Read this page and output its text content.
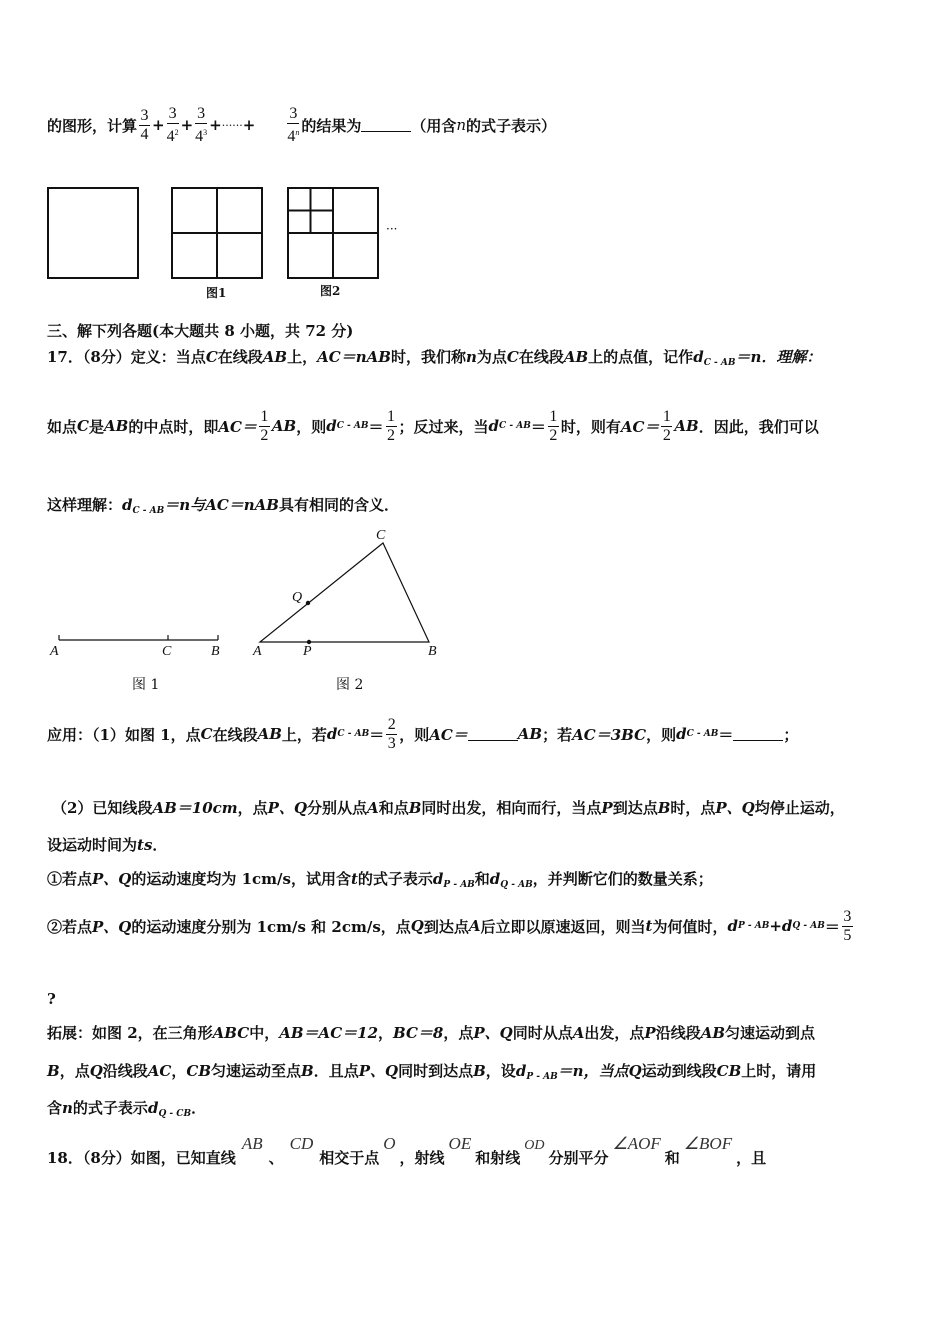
的图形，计算 $\frac{3}{4} + \frac{3}{4^2} + \frac{3}{4^3}$ + ······ + $\frac{3}{4^n}$ 的结果为	（用含 n 的式子表示）
···
图1	图2
三、解下列各题(本大题共 8 小题，共 72 分)
17．（8分）定义：当点C在线段AB上，AC＝nAB时，我们称n为点C在线段AB上的点值，记作$d_{C - AB}=n$．理解：
如点 C 是 AB 的中点时，即 $AC= \frac{1}{2}$ AB ，则 d C - AB ＝ $\frac{1}{2}$ ；反过来，当 d C - AB ＝ $\frac{1}{2}$ 时，则有 $AC= \frac{1}{2}$ AB ．因此，我们可以
这样理解：$d_{C - AB}=n$与AC＝nAB具有相同的含义．
A	C	B
图 1
C
Q
A	P	B
图 2
应用：（1）如图 1，点 C 在线段 AB 上，若 d C - AB ＝ $\frac{2}{3}$ ，则 AC＝	AB ；若 AC＝3BC ，则 d C - AB ＝	；
（2）已知线段AB＝10cm，点P、Q分别从点A和点B同时出发，相向而行，当点P到达点B时，点P、Q均停止运动，
设运动时间为ts．
①若点P、Q的运动速度均为 1cm/s，试用含t的式子表示$d_{P - AB}$和$d_{Q - AB}$，并判断它们的数量关系；
②若点 P、Q 的运动速度分别为 1cm/s 和 2cm/s，点 Q 到达点 A 后立即以原速返回，则当 t 为何值时， d P - AB +d Q - AB ＝ $\frac{3}{5}$
?
拓展：如图 2，在三角形ABC中，AB＝AC＝12，BC＝8，点P、Q同时从点A出发，点P沿线段AB匀速运动到点
B，点Q沿线段AC，CB匀速运动至点B．且点P、Q同时到达点B，设$d_{P - AB}=n$，当点Q运动到线段CB上时，请用
含n的式子表示$d_{Q - CB}$．
18．（8分）如图，已知直线
AB
、
CD
相交于点
O
，射线
OE
和射线
OD
分别平分
∠AOF
和
∠BOF
，且
